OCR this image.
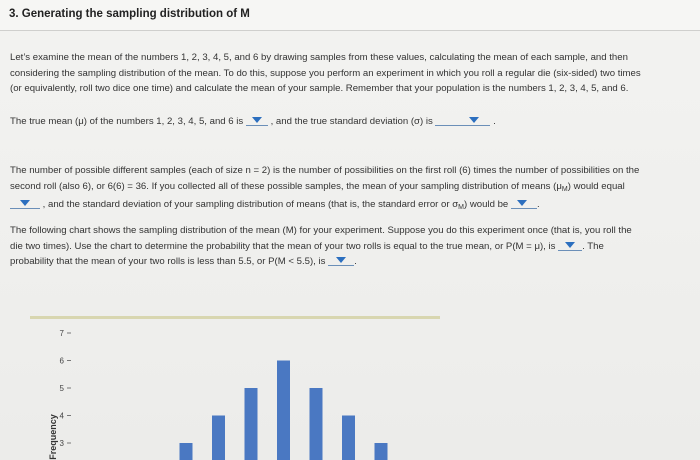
3. Generating the sampling distribution of M
Let’s examine the mean of the numbers 1, 2, 3, 4, 5, and 6 by drawing samples from these values, calculating the mean of each sample, and then
considering the sampling distribution of the mean. To do this, suppose you perform an experiment in which you roll a regular die (six-sided) two times
(or equivalently, roll two dice one time) and calculate the mean of your sample. Remember that your population is the numbers 1, 2, 3, 4, 5, and 6.
The true mean (μ) of the numbers 1, 2, 3, 4, 5, and 6 is	, and the true standard deviation (σ) is	.
The number of possible different samples (each of size n = 2) is the number of possibilities on the first roll (6) times the number of possibilities on the
second roll (also 6), or 6(6) = 36. If you collected all of these possible samples, the mean of your sampling distribution of means $(\mu_M)$ would equal
, and the standard deviation of your sampling distribution of means (that is, the standard error or $\sigma_M$) would be	.
The following chart shows the sampling distribution of the mean (M) for your experiment. Suppose you do this experiment once (that is, you roll the
die two times). Use the chart to determine the probability that the mean of your two rolls is equal to the true mean, or P(M = μ), is	. The
probability that the mean of your two rolls is less than 5.5, or P(M < 5.5), is	.
Frequency
7
6
5
4
3
